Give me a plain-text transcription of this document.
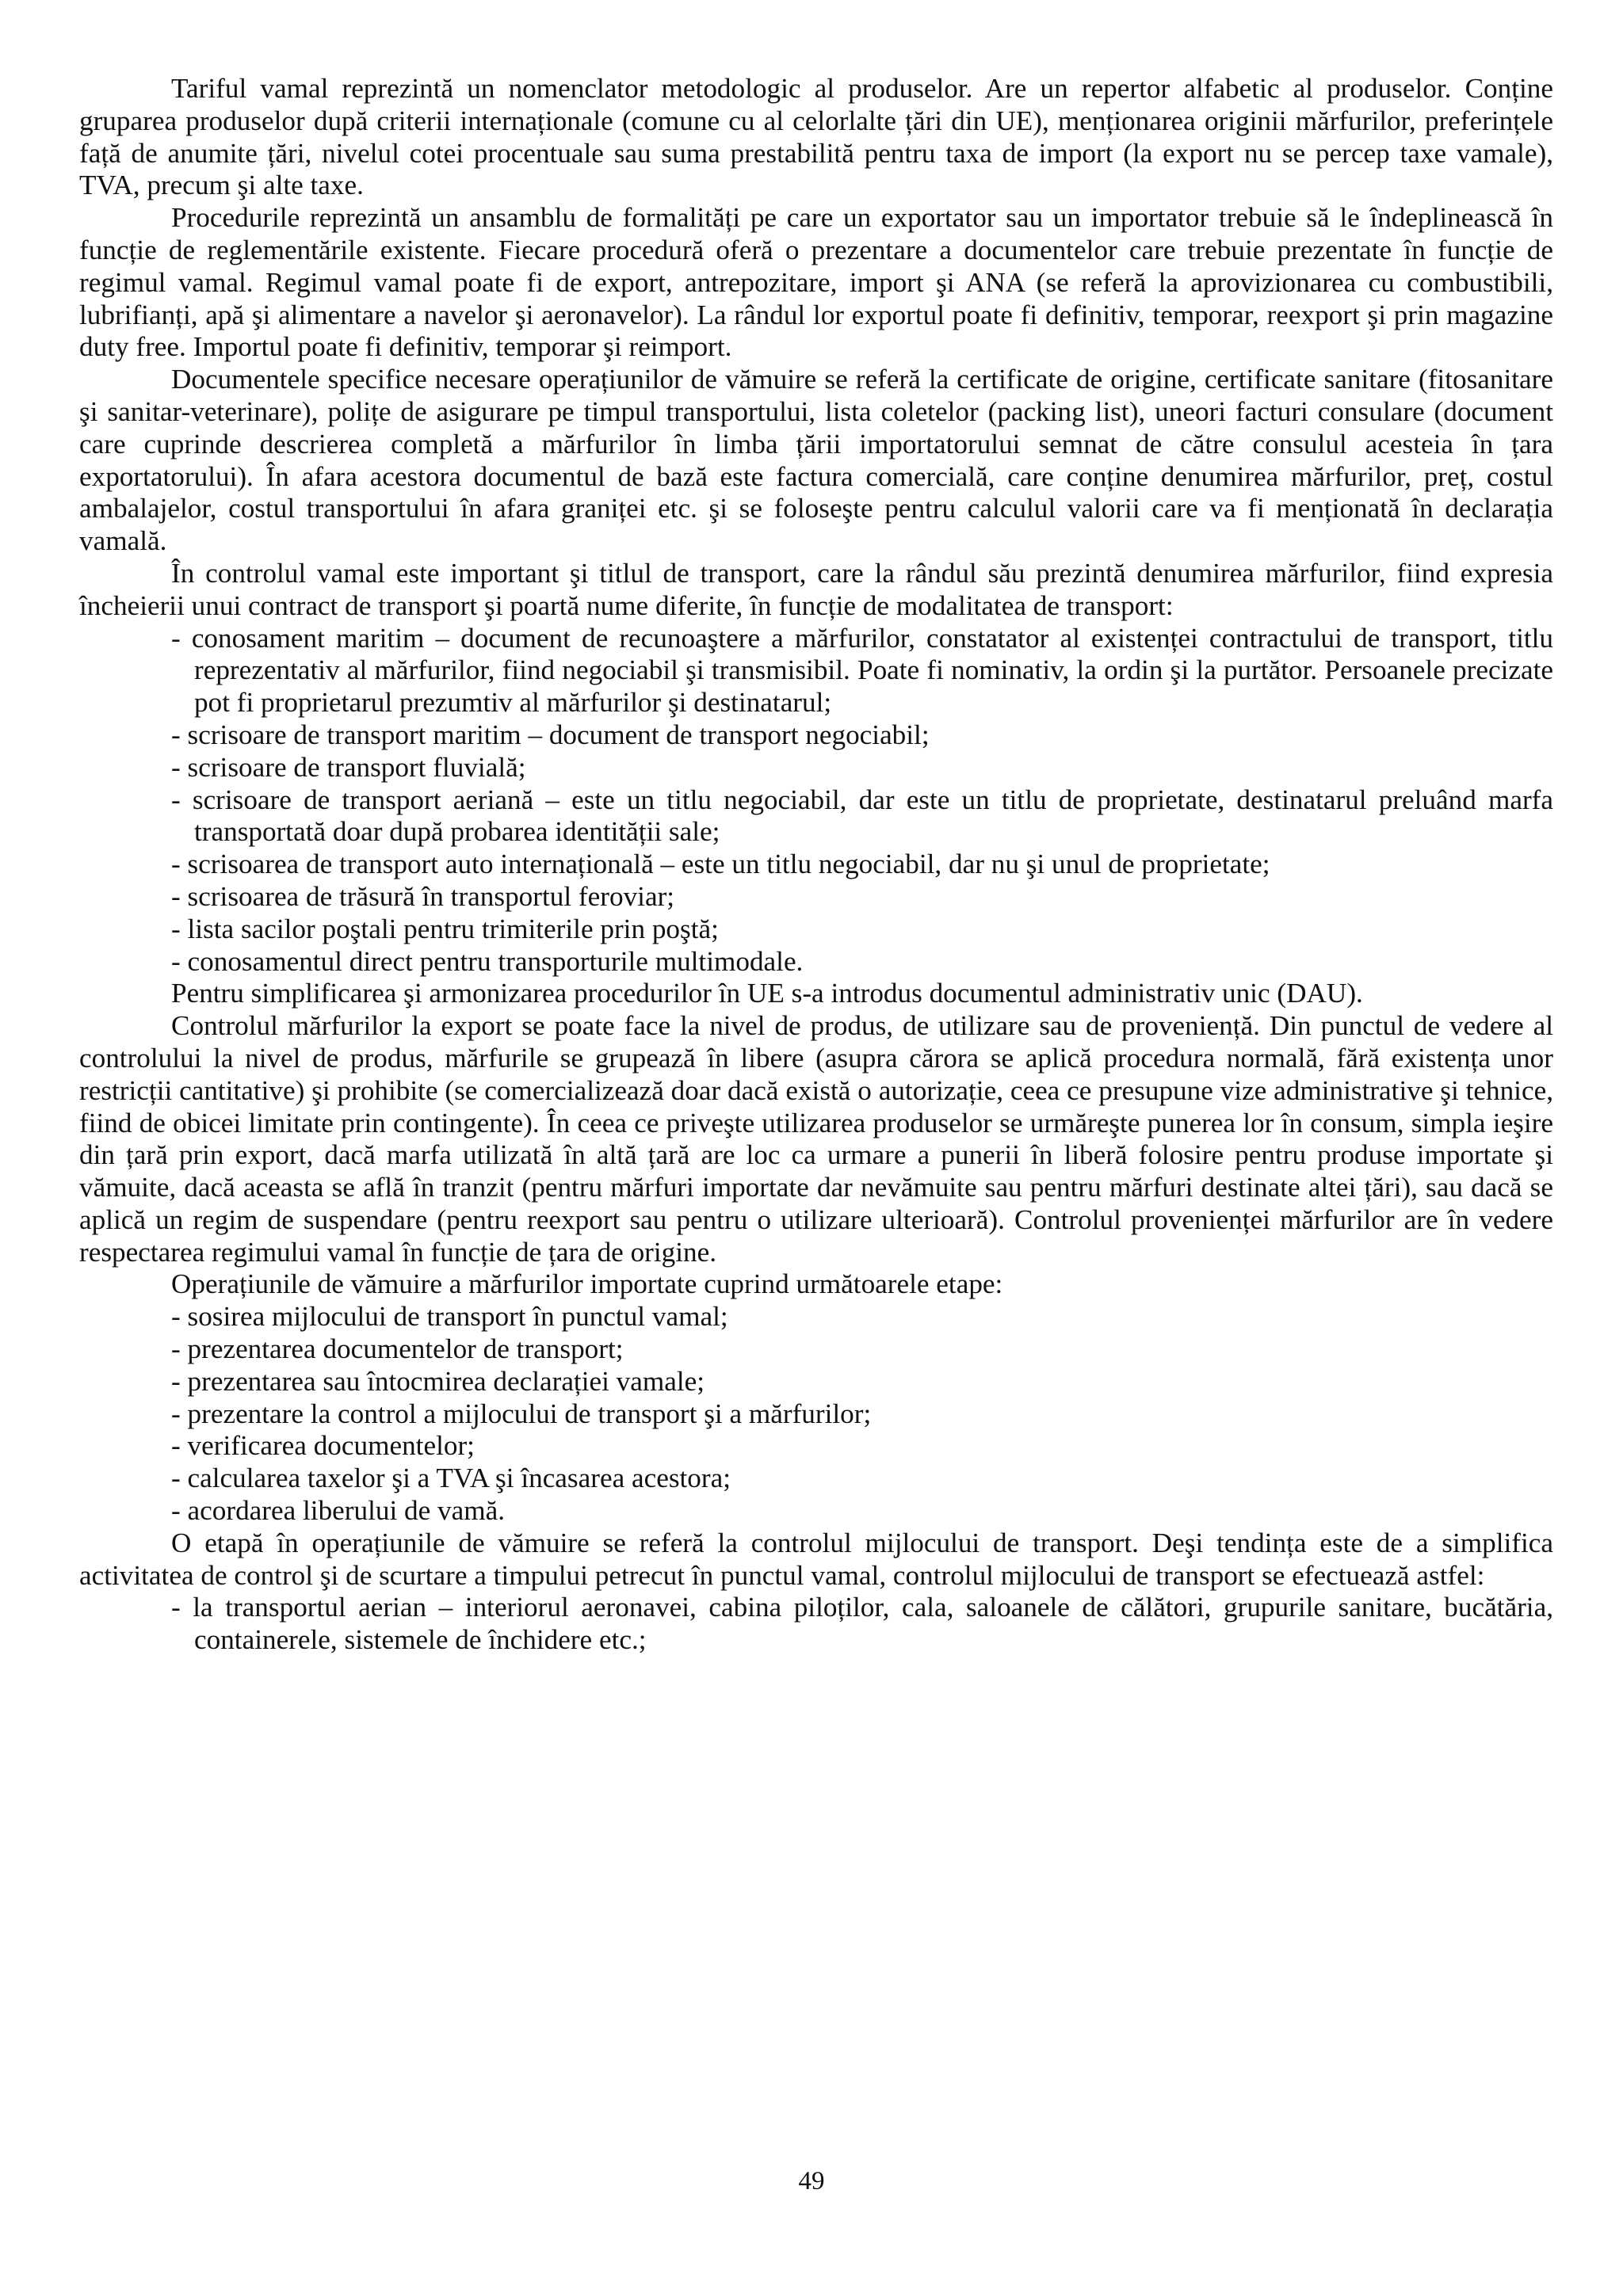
Tariful vamal reprezintă un nomenclator metodologic al produselor. Are un repertor alfabetic al produselor. Conține gruparea produselor după criterii internaționale (comune cu al celorlalte țări din UE), menționarea originii mărfurilor, preferințele față de anumite țări, nivelul cotei procentuale sau suma prestabilită pentru taxa de import (la export nu se percep taxe vamale), TVA, precum şi alte taxe.

Procedurile reprezintă un ansamblu de formalități pe care un exportator sau un importator trebuie să le îndeplinească în funcție de reglementările existente. Fiecare procedură oferă o prezentare a documentelor care trebuie prezentate în funcție de regimul vamal. Regimul vamal poate fi de export, antrepozitare, import şi ANA (se referă la aprovizionarea cu combustibili, lubrifianți, apă şi alimentare a navelor şi aeronavelor). La rândul lor exportul poate fi definitiv, temporar, reexport şi prin magazine duty free. Importul poate fi definitiv, temporar şi reimport.

Documentele specifice necesare operațiunilor de vămuire se referă la certificate de origine, certificate sanitare (fitosanitare şi sanitar-veterinare), polițe de asigurare pe timpul transportului, lista coletelor (packing list), uneori facturi consulare (document care cuprinde descrierea completă a mărfurilor în limba țării importatorului semnat de către consulul acesteia în țara exportatorului). În afara acestora documentul de bază este factura comercială, care conține denumirea mărfurilor, preț, costul ambalajelor, costul transportului în afara graniței etc. şi se foloseşte pentru calculul valorii care va fi menționată în declarația vamală.

În controlul vamal este important şi titlul de transport, care la rândul său prezintă denumirea mărfurilor, fiind expresia încheierii unui contract de transport şi poartă nume diferite, în funcție de modalitatea de transport:

- conosament maritim – document de recunoaştere a mărfurilor, constatator al existenței contractului de transport, titlu reprezentativ al mărfurilor, fiind negociabil şi transmisibil. Poate fi nominativ, la ordin şi la purtător. Persoanele precizate pot fi proprietarul prezumtiv al mărfurilor şi destinatarul;
- scrisoare de transport maritim – document de transport negociabil;
- scrisoare de transport fluvială;
- scrisoare de transport aeriană – este un titlu negociabil, dar este un titlu de proprietate, destinatarul preluând marfa transportată doar după probarea identității sale;
- scrisoarea de transport auto internațională – este un titlu negociabil, dar nu şi unul de proprietate;
- scrisoarea de trăsură în transportul feroviar;
- lista sacilor poştali pentru trimiterile prin poştă;
- conosamentul direct pentru transporturile multimodale.

Pentru simplificarea şi armonizarea procedurilor în UE s-a introdus documentul administrativ unic (DAU).

Controlul mărfurilor la export se poate face la nivel de produs, de utilizare sau de proveniență. Din punctul de vedere al controlului la nivel de produs, mărfurile se grupează în libere (asupra cărora se aplică procedura normală, fără existența unor restricții cantitative) şi prohibite (se comercializează doar dacă există o autorizație, ceea ce presupune vize administrative şi tehnice, fiind de obicei limitate prin contingente). În ceea ce priveşte utilizarea produselor se urmăreşte punerea lor în consum, simpla ieşire din țară prin export, dacă marfa utilizată în altă țară are loc ca urmare a punerii în liberă folosire pentru produse importate şi vămuite, dacă aceasta se află în tranzit (pentru mărfuri importate dar nevămuite sau pentru mărfuri destinate altei țări), sau dacă se aplică un regim de suspendare (pentru reexport sau pentru o utilizare ulterioară). Controlul provenienței mărfurilor are în vedere respectarea regimului vamal în funcție de țara de origine.

Operațiunile de vămuire a mărfurilor importate cuprind următoarele etape:

- sosirea mijlocului de transport în punctul vamal;
- prezentarea documentelor de transport;
- prezentarea sau întocmirea declarației vamale;
- prezentare la control a mijlocului de transport şi a mărfurilor;
- verificarea documentelor;
- calcularea taxelor şi a TVA şi încasarea acestora;
- acordarea liberului de vamă.

O etapă în operațiunile de vămuire se referă la controlul mijlocului de transport. Deşi tendința este de a simplifica activitatea de control şi de scurtare a timpului petrecut în punctul vamal, controlul mijlocului de transport se efectuează astfel:

- la transportul aerian – interiorul aeronavei, cabina piloților, cala, saloanele de călători, grupurile sanitare, bucătăria, containerele, sistemele de închidere etc.;
49
